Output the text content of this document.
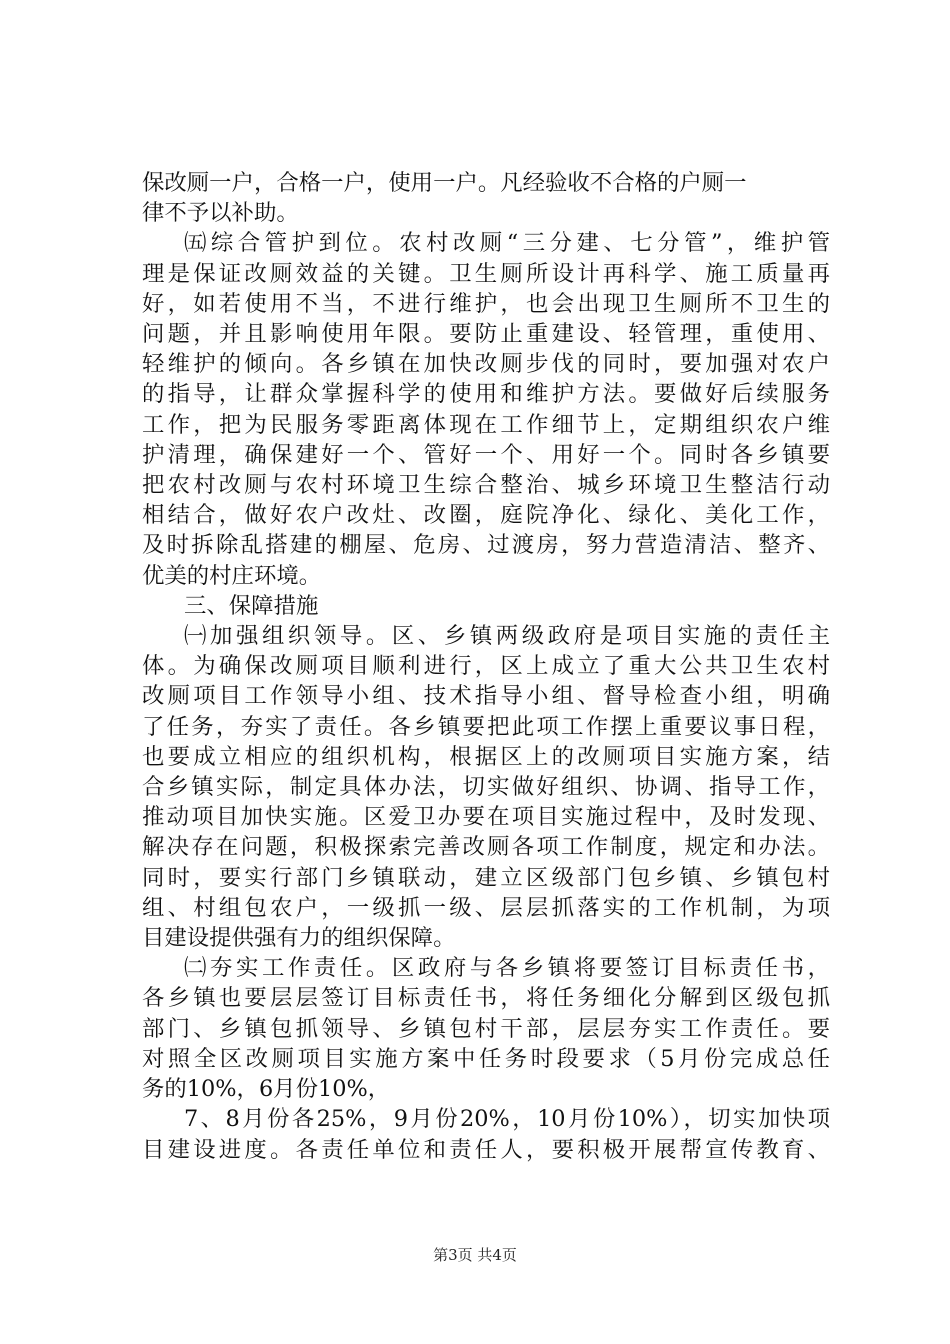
保改厕一户，合格一户，使用一户。凡经验收不合格的户厕一
律不予以补助。
㈤综合管护到位。农村改厕“三分建、七分管”，维护管
理是保证改厕效益的关键。卫生厕所设计再科学、施工质量再
好，如若使用不当，不进行维护，也会出现卫生厕所不卫生的
问题，并且影响使用年限。要防止重建设、轻管理，重使用、
轻维护的倾向。各乡镇在加快改厕步伐的同时，要加强对农户
的指导，让群众掌握科学的使用和维护方法。要做好后续服务
工作，把为民服务零距离体现在工作细节上，定期组织农户维
护清理，确保建好一个、管好一个、用好一个。同时各乡镇要
把农村改厕与农村环境卫生综合整治、城乡环境卫生整洁行动
相结合，做好农户改灶、改圈，庭院净化、绿化、美化工作，
及时拆除乱搭建的棚屋、危房、过渡房，努力营造清洁、整齐、
优美的村庄环境。
三、保障措施
㈠加强组织领导。区、乡镇两级政府是项目实施的责任主
体。为确保改厕项目顺利进行，区上成立了重大公共卫生农村
改厕项目工作领导小组、技术指导小组、督导检查小组，明确
了任务，夯实了责任。各乡镇要把此项工作摆上重要议事日程，
也要成立相应的组织机构，根据区上的改厕项目实施方案，结
合乡镇实际，制定具体办法，切实做好组织、协调、指导工作，
推动项目加快实施。区爱卫办要在项目实施过程中，及时发现、
解决存在问题，积极探索完善改厕各项工作制度，规定和办法。
同时，要实行部门乡镇联动，建立区级部门包乡镇、乡镇包村
组、村组包农户，一级抓一级、层层抓落实的工作机制，为项
目建设提供强有力的组织保障。
㈡夯实工作责任。区政府与各乡镇将要签订目标责任书，
各乡镇也要层层签订目标责任书，将任务细化分解到区级包抓
部门、乡镇包抓领导、乡镇包村干部，层层夯实工作责任。要
对照全区改厕项目实施方案中任务时段要求（5月份完成总任
务的10%，6月份10%，
7、8月份各25%，9月份20%，10月份10%），切实加快项
目建设进度。各责任单位和责任人，要积极开展帮宣传教育、
第3页 共4页
